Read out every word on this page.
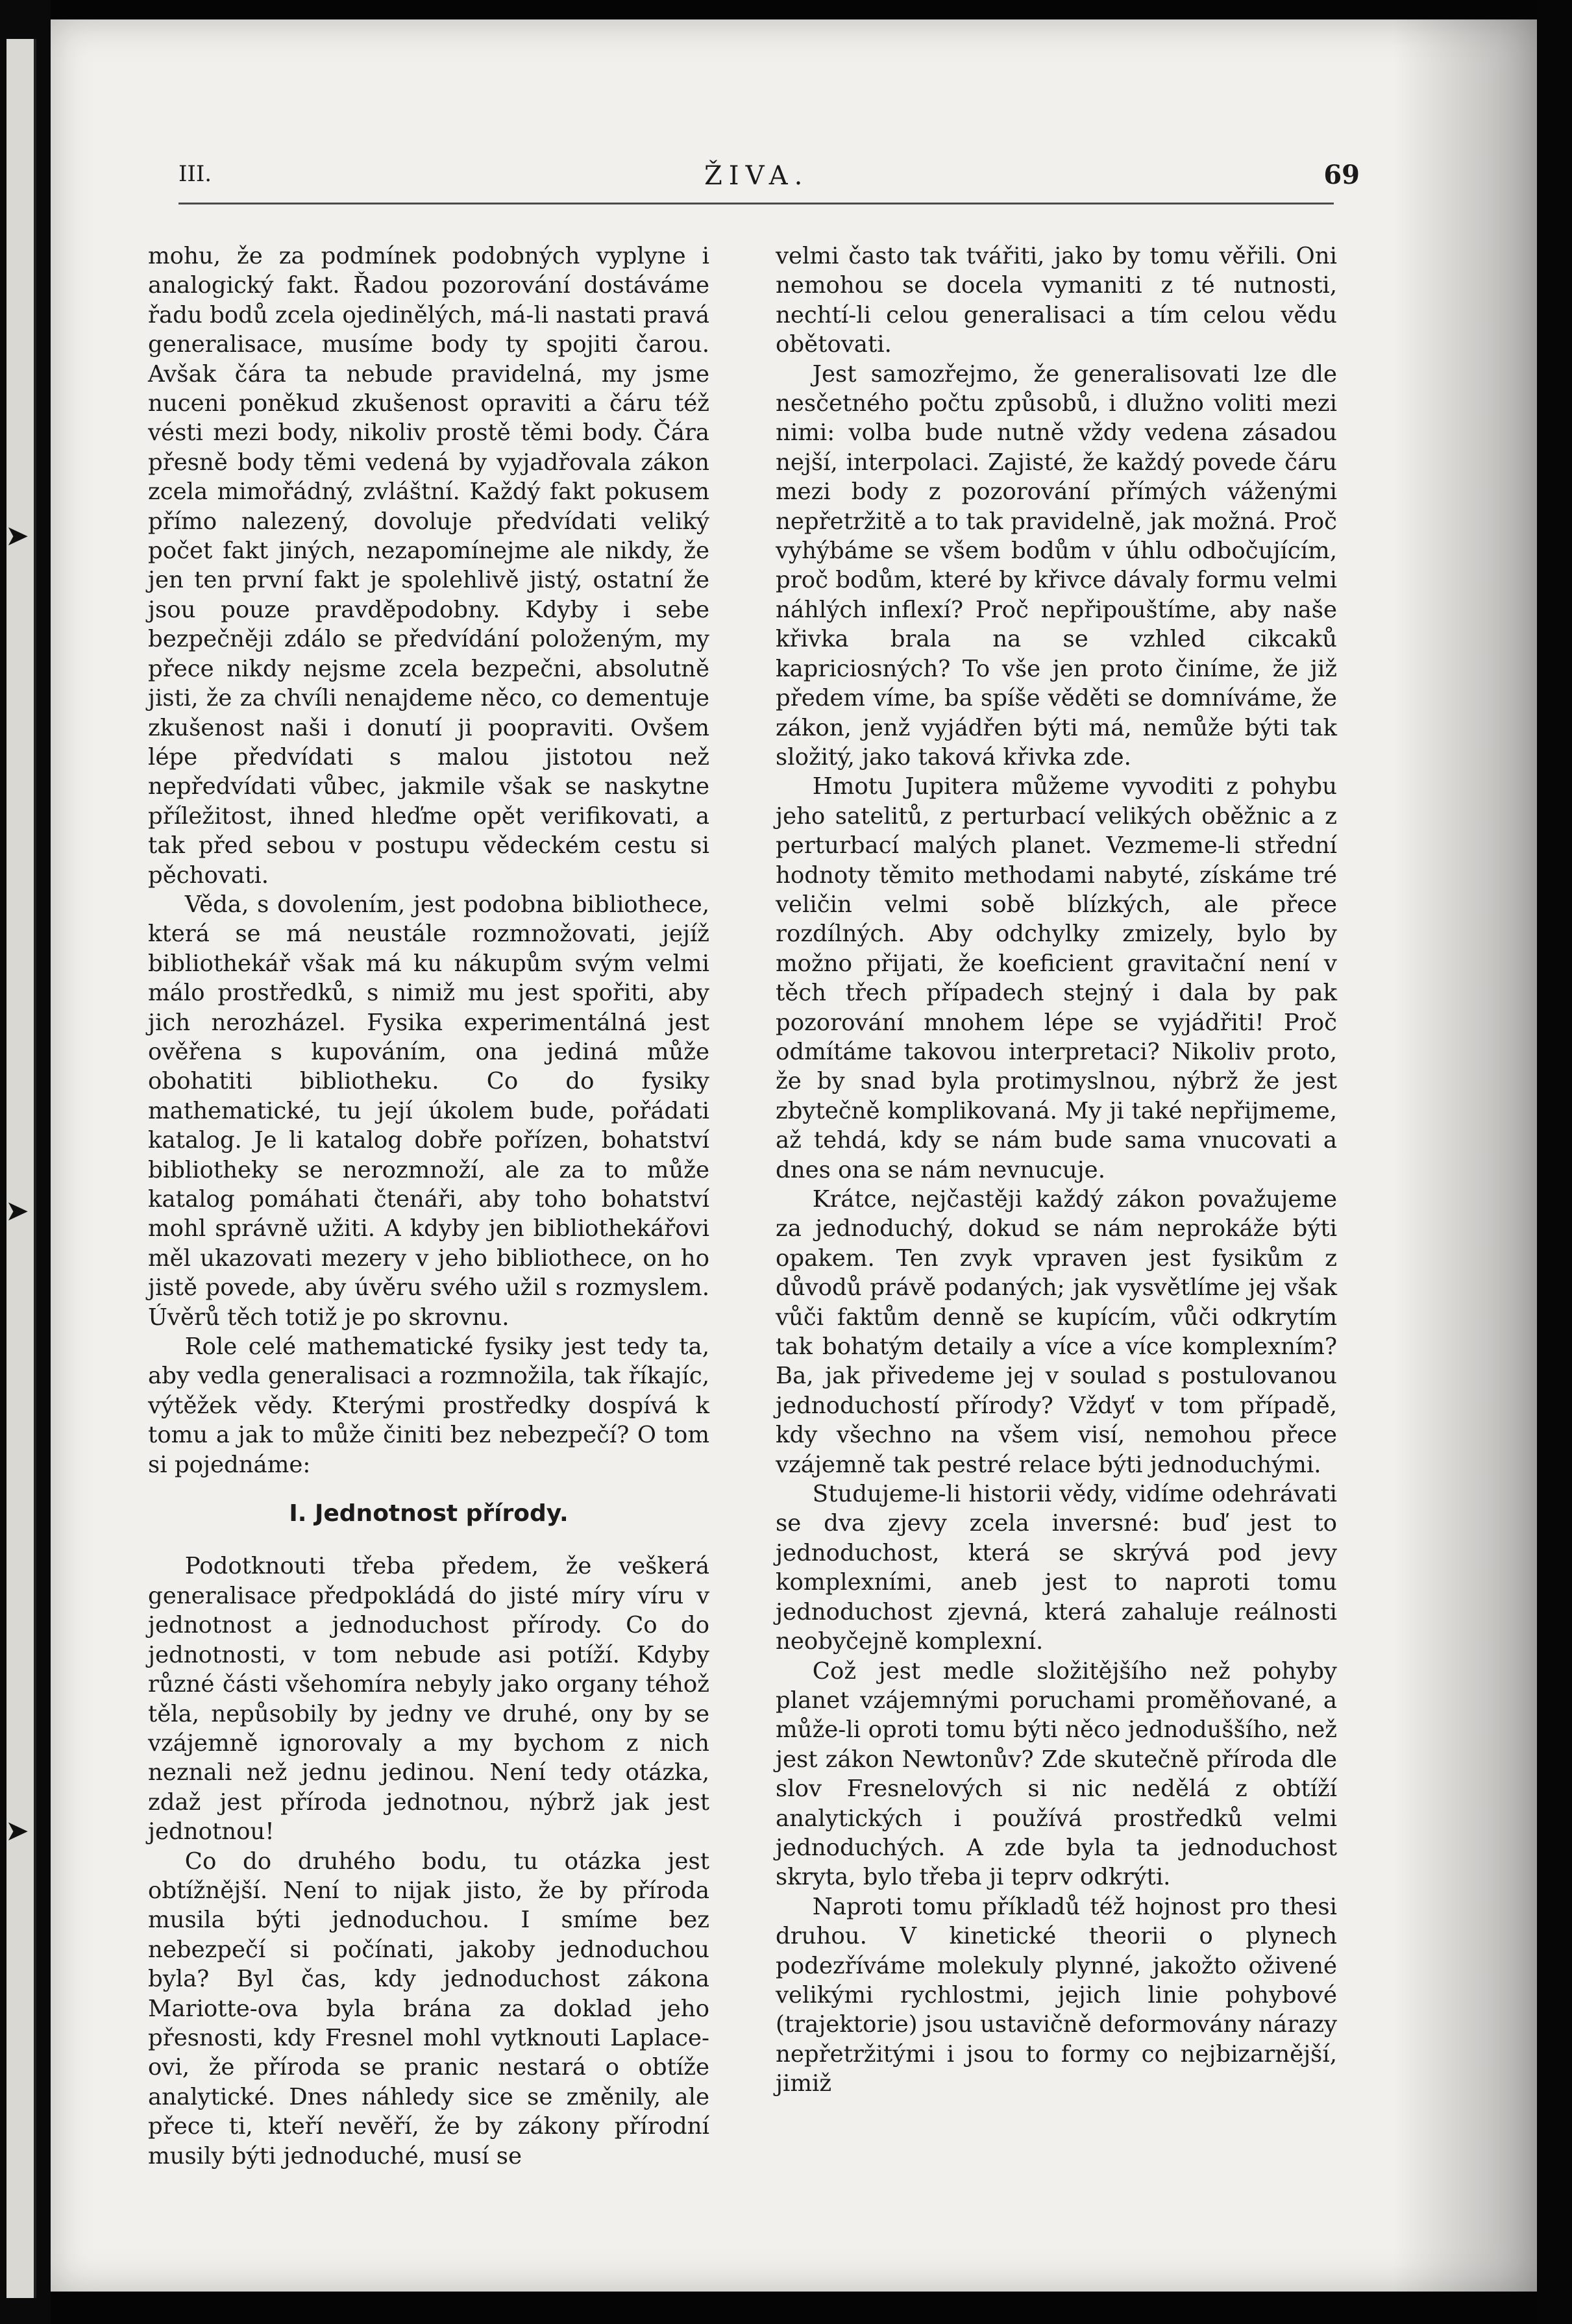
➤
➤
➤
III.	ŽIVA.	69

mohu, že za podmínek podobných vyplyne i analogický fakt. Řadou pozorování dostáváme řadu bodů zcela ojedinělých, má-li nastati pravá generalisace, musíme body ty spojiti čarou. Avšak čára ta nebude pravidelná, my jsme nuceni poněkud zkušenost opraviti a čáru též vésti mezi body, nikoliv prostě těmi body. Čára přesně body těmi vedená by vyjadřovala zákon zcela mimořádný, zvláštní. Každý fakt pokusem přímo nalezený, dovoluje předvídati veliký počet fakt jiných, nezapomínejme ale nikdy, že jen ten první fakt je spolehlivě jistý, ostatní že jsou pouze pravděpodobny. Kdyby i sebe bezpečněji zdálo se předvídání položeným, my přece nikdy nejsme zcela bezpečni, absolutně jisti, že za chvíli nenajdeme něco, co dementuje zkušenost naši i donutí ji poopraviti. Ovšem lépe předvídati s malou jistotou než nepředvídati vůbec, jakmile však se naskytne příležitost, ihned hleďme opět verifikovati, a tak před sebou v postupu vědeckém cestu si pěchovati.

Věda, s dovolením, jest podobna bibliothece, která se má neustále rozmnožovati, jejíž bibliothekář však má ku nákupům svým velmi málo prostředků, s nimiž mu jest spořiti, aby jich nerozházel. Fysika experimentálná jest ověřena s kupováním, ona jediná může obohatiti bibliotheku. Co do fysiky mathematické, tu její úkolem bude, pořádati katalog. Je li katalog dobře pořízen, bohatství bibliotheky se nerozmnoží, ale za to může katalog pomáhati čtenáři, aby toho bohatství mohl správně užiti. A kdyby jen bibliothekářovi měl ukazovati mezery v jeho bibliothece, on ho jistě povede, aby úvěru svého užil s rozmyslem. Úvěrů těch totiž je po skrovnu.

Role celé mathematické fysiky jest tedy ta, aby vedla generalisaci a rozmnožila, tak říkajíc, výtěžek vědy. Kterými prostředky dospívá k tomu a jak to může činiti bez nebezpečí? O tom si pojednáme:

I. Jednotnost přírody.

Podotknouti třeba předem, že veškerá generalisace předpokládá do jisté míry víru v jednotnost a jednoduchost přírody. Co do jednotnosti, v tom nebude asi potíží. Kdyby různé části všehomíra nebyly jako organy téhož těla, nepůsobily by jedny ve druhé, ony by se vzájemně ignorovaly a my bychom z nich neznali než jednu jedinou. Není tedy otázka, zdaž jest příroda jednotnou, nýbrž jak jest jednotnou!

Co do druhého bodu, tu otázka jest obtížnější. Není to nijak jisto, že by příroda musila býti jednoduchou. I smíme bez nebezpečí si počínati, jakoby jednoduchou byla? Byl čas, kdy jednoduchost zákona Mariotte-ova byla brána za doklad jeho přesnosti, kdy Fresnel mohl vytknouti Laplace-ovi, že příroda se pranic nestará o obtíže analytické. Dnes náhledy sice se změnily, ale přece ti, kteří nevěří, že by zákony přírodní musily býti jednoduché, musí se

velmi často tak tvářiti, jako by tomu věřili. Oni nemohou se docela vymaniti z té nutnosti, nechtí-li celou generalisaci a tím celou vědu obětovati.

Jest samozřejmo, že generalisovati lze dle nesčetného počtu způsobů, i dlužno voliti mezi nimi: volba bude nutně vždy vedena zásadou nejší, interpolaci. Zajisté, že každý povede čáru mezi body z pozorování přímých váženými nepřetržitě a to tak pravidelně, jak možná. Proč vyhýbáme se všem bodům v úhlu odbočujícím, proč bodům, které by křivce dávaly formu velmi náhlých inflexí? Proč nepřipouštíme, aby naše křivka brala na se vzhled cikcaků kapriciosných? To vše jen proto činíme, že již předem víme, ba spíše věděti se domníváme, že zákon, jenž vyjádřen býti má, nemůže býti tak složitý, jako taková křivka zde.

Hmotu Jupitera můžeme vyvoditi z pohybu jeho satelitů, z perturbací velikých oběžnic a z perturbací malých planet. Vezmeme-li střední hodnoty těmito methodami nabyté, získáme tré veličin velmi sobě blízkých, ale přece rozdílných. Aby odchylky zmizely, bylo by možno přijati, že koeficient gravitační není v těch třech případech stejný i dala by pak pozorování mnohem lépe se vyjádřiti! Proč odmítáme takovou interpretaci? Nikoliv proto, že by snad byla protimyslnou, nýbrž že jest zbytečně komplikovaná. My ji také nepřijmeme, až tehdá, kdy se nám bude sama vnucovati a dnes ona se nám nevnucuje.

Krátce, nejčastěji každý zákon považujeme za jednoduchý, dokud se nám neprokáže býti opakem. Ten zvyk vpraven jest fysikům z důvodů právě podaných; jak vysvětlíme jej však vůči faktům denně se kupícím, vůči odkrytím tak bohatým detaily a více a více komplexním? Ba, jak přivedeme jej v soulad s postulovanou jednoduchostí přírody? Vždyť v tom případě, kdy všechno na všem visí, nemohou přece vzájemně tak pestré relace býti jednoduchými.

Studujeme-li historii vědy, vidíme odehrávati se dva zjevy zcela inversné: buď jest to jednoduchost, která se skrývá pod jevy komplexními, aneb jest to naproti tomu jednoduchost zjevná, která zahaluje reálnosti neobyčejně komplexní.

Což jest medle složitějšího než pohyby planet vzájemnými poruchami proměňované, a může-li oproti tomu býti něco jednoduššího, než jest zákon Newtonův? Zde skutečně příroda dle slov Fresnelových si nic nedělá z obtíží analytických i používá prostředků velmi jednoduchých. A zde byla ta jednoduchost skryta, bylo třeba ji teprv odkrýti.

Naproti tomu příkladů též hojnost pro thesi druhou. V kinetické theorii o plynech podezříváme molekuly plynné, jakožto oživené velikými rychlostmi, jejich linie pohybové (trajektorie) jsou ustavičně deformovány nárazy nepřetržitými i jsou to formy co nejbizarnější, jimiž
